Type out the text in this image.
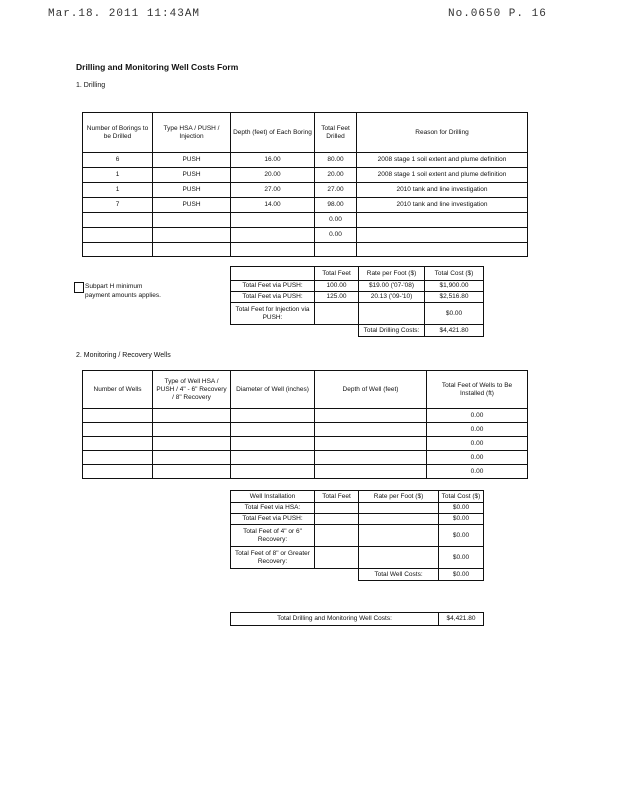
Mar.18. 2011 11:43AM	No.0650 P. 16
Drilling and Monitoring Well Costs Form
1. Drilling
Number of Borings to be Drilled	Type HSA / PUSH / Injection	Depth (feet) of Each Boring	Total Feet Drilled	Reason for Drilling
6	PUSH	16.00	80.00	2008 stage 1 soil extent and plume definition
1	PUSH	20.00	20.00	2008 stage 1 soil extent and plume definition
1	PUSH	27.00	27.00	2010 tank and line investigation
7	PUSH	14.00	98.00	2010 tank and line investigation
			0.00	
			0.00	

Subpart H minimum payment amounts applies.
	Total Feet	Rate per Foot ($)	Total Cost ($)
Total Feet via PUSH:	100.00	$19.00 ('07-'08)	$1,900.00
Total Feet via PUSH:	125.00	20.13 ('09-'10)	$2,516.80
Total Feet for Injection via PUSH:			$0.00
		Total Drilling Costs:	$4,421.80
2. Monitoring / Recovery Wells
Number of Wells	Type of Well HSA / PUSH / 4" - 6" Recovery / 8" Recovery	Diameter of Well (inches)	Depth of Well (feet)	Total Feet of Wells to Be Installed (ft)
				0.00
				0.00
				0.00
				0.00
				0.00
Well Installation	Total Feet	Rate per Foot ($)	Total Cost ($)
Total Feet via HSA:			$0.00
Total Feet via PUSH:			$0.00
Total Feet of 4" or 6" Recovery:			$0.00
Total Feet of 8" or Greater Recovery:			$0.00
		Total Well Costs:	$0.00
Total Drilling and Monitoring Well Costs:	$4,421.80
